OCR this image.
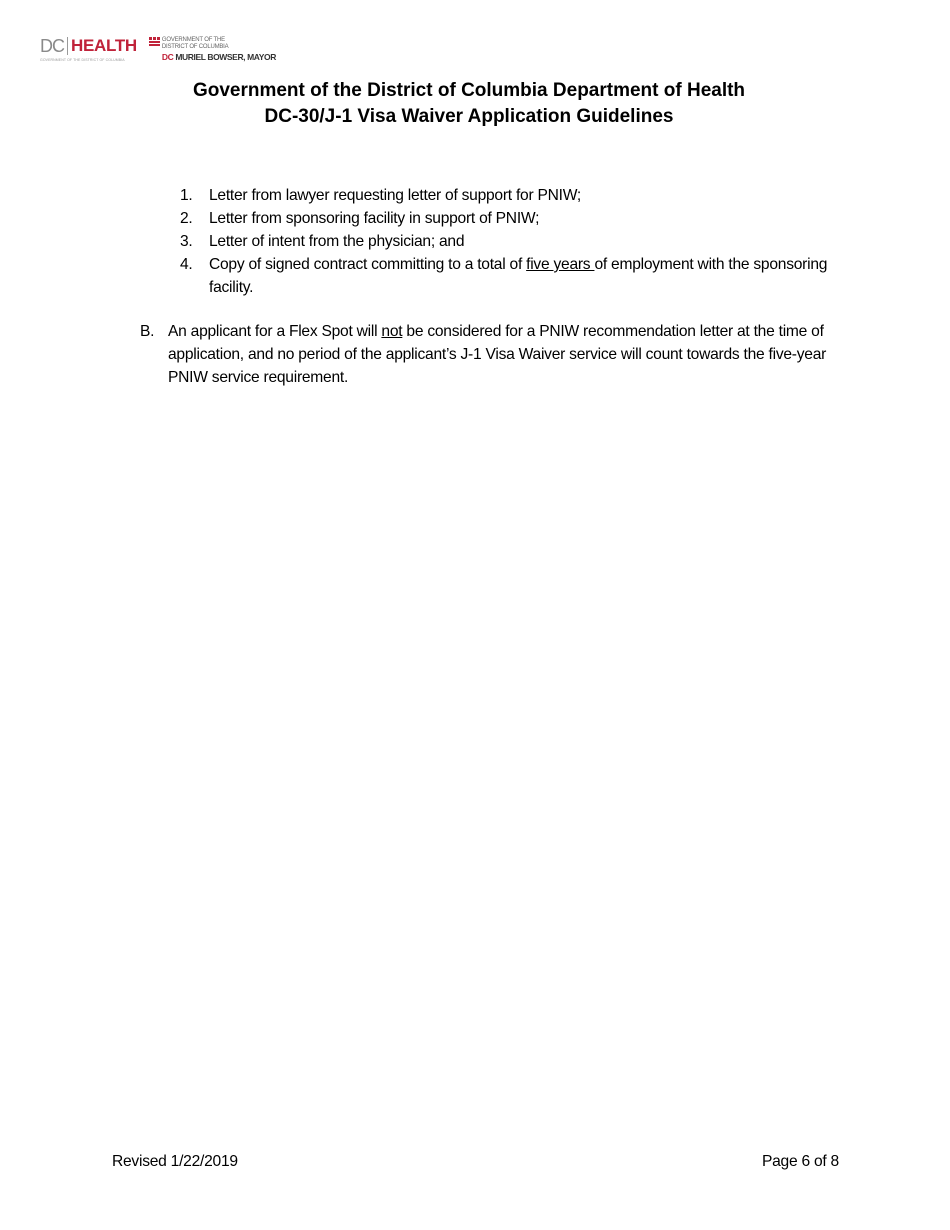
DC HEALTH
GOVERNMENT OF THE DISTRICT OF COLUMBIA
GOVERNMENT OF THE
DISTRICT OF COLUMBIA
DC MURIEL BOWSER, MAYOR
Government of the District of Columbia Department of Health
DC-30/J-1 Visa Waiver Application Guidelines
1.	Letter from lawyer requesting letter of support for PNIW;
2.	Letter from sponsoring facility in support of PNIW;
3.	Letter of intent from the physician; and
4.	Copy of signed contract committing to a total of five years of employment with the sponsoring facility.
B. An applicant for a Flex Spot will not be considered for a PNIW recommendation letter at the time of application, and no period of the applicant’s J-1 Visa Waiver service will count towards the five-year PNIW service requirement.
Revised 1/22/2019	Page 6 of 8
